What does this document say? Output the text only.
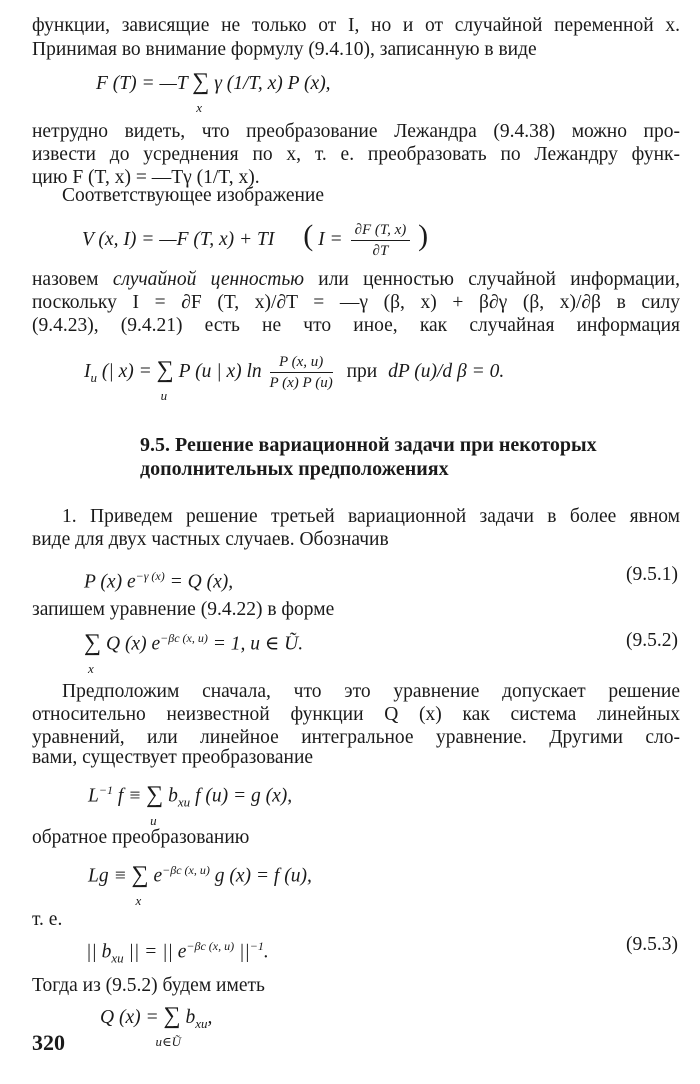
функции, зависящие не только от I, но и от случайной переменной x.
Принимая во внимание формулу (9.4.10), записанную в виде
F (T) = —T ∑
x
γ (1/T, x) P (x),
нетрудно видеть, что преобразование Лежандра (9.4.38) можно про-
извести до усреднения по x, т. е. преобразовать по Лежандру функ-
цию F (T, x) = —Tγ (1/T, x).
Соответствующее изображение
V (x, I) = —F (T, x) + TI ( $I = \frac{\partial F (T, x)}{\partial T}$ )
назовем случайной ценностью или ценностью случайной информации,
поскольку I = ∂F (T, x)/∂T = —γ (β, x) + β∂γ (β, x)/∂β в силу
(9.4.23), (9.4.21) есть не что иное, как случайная информация
$I_u$ (| x) = ∑
u
P (u | x) $\ln \frac{P (x, u)}{P (x) P (u)}$ при dP (u)/d β = 0.
9.5. Решение вариационной задачи при некоторых
дополнительных предположениях
1. Приведем решение третьей вариационной задачи в более явном
виде для двух частных случаев. Обозначив
P (x) $e^{-\gamma (x)} = Q$ (x),	(9.5.1)
запишем уравнение (9.4.22) в форме
∑
x
Q (x) $e^{-\beta c (x, u)} = 1$, u ∈ Ũ.	(9.5.2)
Предположим сначала, что это уравнение допускает решение
относительно неизвестной функции Q (x) как система линейных
уравнений, или линейное интегральное уравнение. Другими сло-
вами, существует преобразование
$L^{-1}$ f ≡ ∑
u
$b_{xu}$ f (u) = g (x),
обратное преобразованию
Lg ≡ ∑
x
$e^{-\beta c (x, u)}$ g (x) = f (u),
т. е.
|| $b_{xu}$ || = || $e^{-\beta c (x, u)}$ $||^{-1}$.	(9.5.3)
Тогда из (9.5.2) будем иметь
Q (x) = ∑
u∈Ũ
$b_{xu}$,
320
